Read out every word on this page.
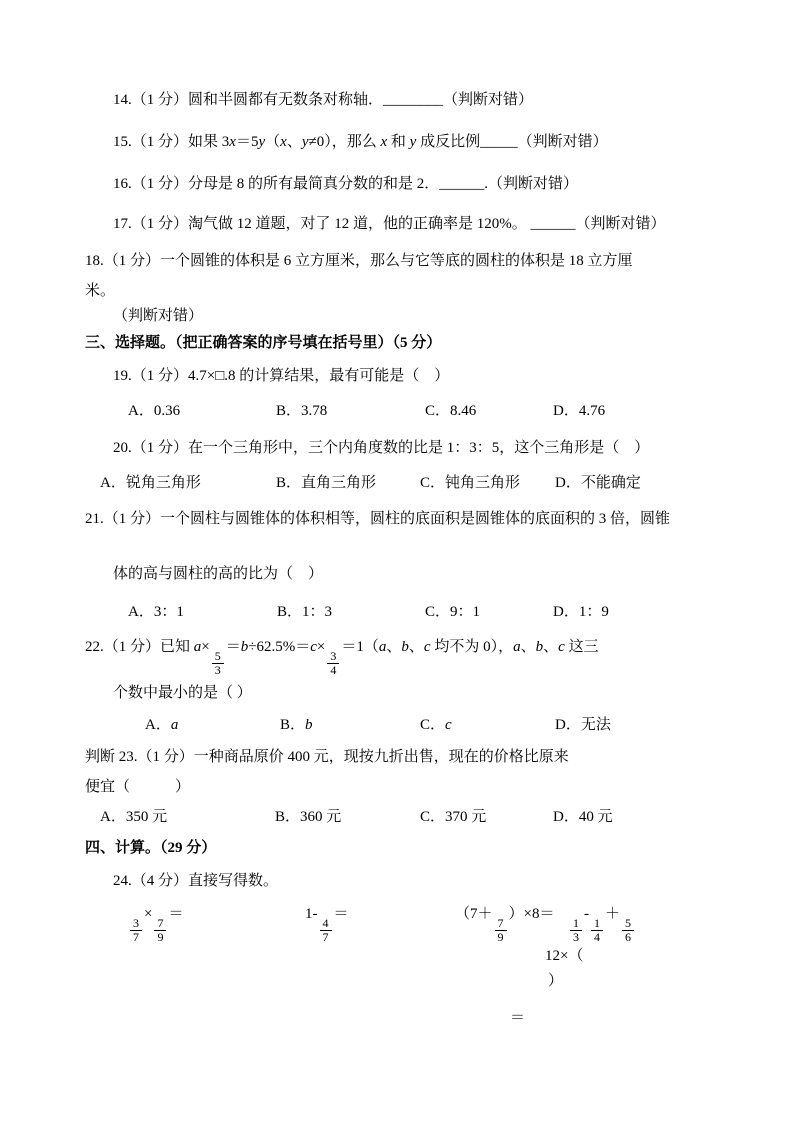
14.（1 分）圆和半圆都有无数条对称轴．________（判断对错）

15.（1 分）如果 3x＝5y（x、y≠0），那么 x 和 y 成反比例_____（判断对错）

16.（1 分）分母是 8 的所有最简真分数的和是 2．______.（判断对错）

17.（1 分）淘气做 12 道题，对了 12 道，他的正确率是 120%。 ______（判断对错）

18.（1 分）一个圆锥的体积是 6 立方厘米，那么与它等底的圆柱的体积是 18 立方厘

米。

（判断对错）

三、选择题。（把正确答案的序号填在括号里）（5 分）

19.（1 分）4.7×□.8 的计算结果，最有可能是（　）

A．0.36	B．3.78	C．8.46	D．4.76

20.（1 分）在一个三角形中，三个内角度数的比是 1：3：5，这个三角形是（　）

A．锐角三角形	B．直角三角形	C．钝角三角形	D．不能确定

21.（1 分）一个圆柱与圆锥体的体积相等，圆柱的底面积是圆锥体的底面积的 3 倍，圆锥

体的高与圆柱的高的比为（　）

A．3：1	B．1：3	C．9：1	D．1：9

22.（1 分）已知 a×
$\frac{5}{3}$
＝b÷62.5%＝c×
$\frac{3}{4}$
＝1（a、b、c 均不为 0），a、b、c 这三

个数中最小的是（ ）

A．a	B．b	C．c	D．无法

判断 23.（1 分）一种商品原价 400 元，现按九折出售，现在的价格比原来

便宜（　　　）

A．350 元	B．360 元	C．370 元	D．40 元
四、计算。（29 分）

24.（4 分）直接写得数。

$\frac{3}{7}$
×
$\frac{7}{9}$
＝	1-
$\frac{4}{7}$
＝	（7＋
$\frac{7}{9}$
）×8＝
$\frac{1}{3}$
-
$\frac{1}{4}$
＋
$\frac{5}{6}$
12×（
）
＝
